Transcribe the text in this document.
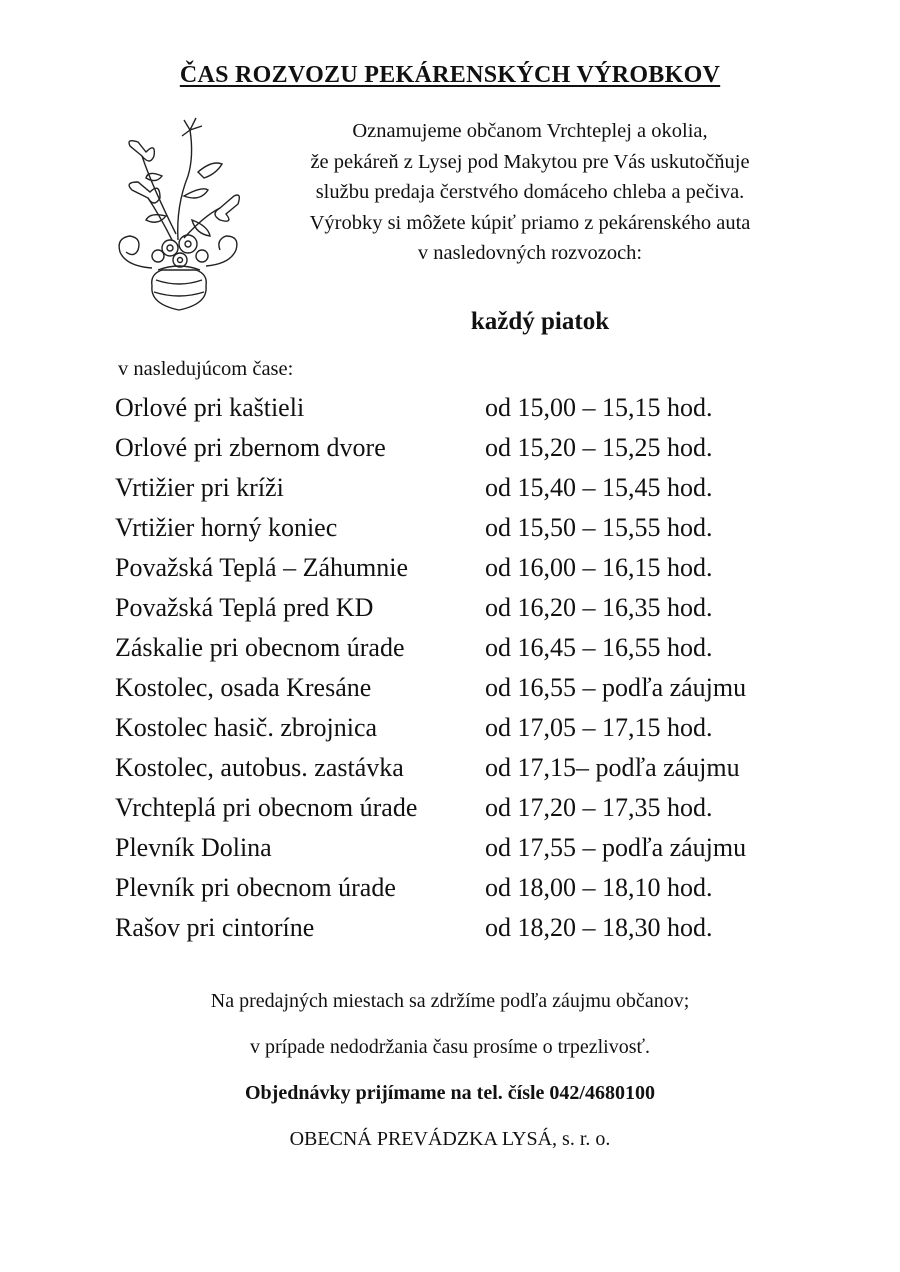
ČAS ROZVOZU PEKÁRENSKÝCH VÝROBKOV
Oznamujeme občanom Vrchteplej a okolia,
že pekáreň z Lysej pod Makytou pre Vás uskutočňuje
službu predaja čerstvého domáceho chleba a pečiva.
Výrobky si môžete kúpiť priamo z pekárenského auta
v nasledovných rozvozoch:
každý piatok
v nasledujúcom čase:
Orlové pri kaštieli	od 15,00 – 15,15 hod.
Orlové pri zbernom dvore	od 15,20 – 15,25 hod.
Vrtižier pri kríži	od 15,40 – 15,45 hod.
Vrtižier horný koniec	od 15,50 – 15,55 hod.
Považská Teplá – Záhumnie	od 16,00 – 16,15 hod.
Považská Teplá pred KD	od 16,20 – 16,35 hod.
Záskalie pri obecnom úrade	od 16,45 – 16,55 hod.
Kostolec, osada Kresáne	od 16,55 – podľa záujmu
Kostolec hasič. zbrojnica	od 17,05 – 17,15 hod.
Kostolec, autobus. zastávka	od 17,15– podľa záujmu
Vrchteplá pri obecnom úrade	od 17,20 – 17,35 hod.
Plevník Dolina	od 17,55 – podľa záujmu
Plevník pri obecnom úrade	od 18,00 – 18,10 hod.
Rašov pri cintoríne	od 18,20 – 18,30 hod.
Na predajných miestach sa zdržíme podľa záujmu občanov;
v prípade nedodržania času prosíme o trpezlivosť.
Objednávky prijímame na tel. čísle 042/4680100
OBECNÁ PREVÁDZKA LYSÁ, s. r. o.
